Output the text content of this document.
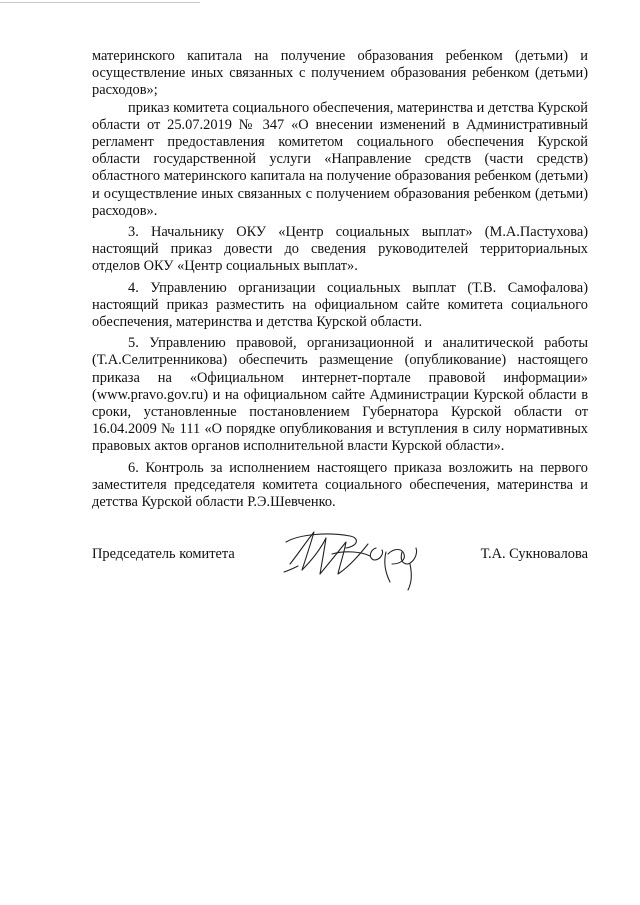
материнского капитала на получение образования ребенком (детьми) и осуществление иных связанных с получением образования ребенком (детьми) расходов»;

приказ комитета социального обеспечения, материнства и детства Курской области от 25.07.2019 № 347 «О внесении изменений в Административный регламент предоставления комитетом социального обеспечения Курской области государственной услуги «Направление средств (части средств) областного материнского капитала на получение образования ребенком (детьми) и осуществление иных связанных с получением образования ребенком (детьми) расходов».

3. Начальнику ОКУ «Центр социальных выплат» (М.А.Пастухова) настоящий приказ довести до сведения руководителей территориальных отделов ОКУ «Центр социальных выплат».

4. Управлению организации социальных выплат (Т.В. Самофалова) настоящий приказ разместить на официальном сайте комитета социального обеспечения, материнства и детства Курской области.

5. Управлению правовой, организационной и аналитической работы (Т.А.Селитренникова) обеспечить размещение (опубликование) настоящего приказа на «Официальном интернет-портале правовой информации» (www.pravo.gov.ru) и на официальном сайте Администрации Курской области в сроки, установленные постановлением Губернатора Курской области от 16.04.2009 № 111 «О порядке опубликования и вступления в силу нормативных правовых актов органов исполнительной власти Курской области».

6. Контроль за исполнением настоящего приказа возложить на первого заместителя председателя комитета социального обеспечения, материнства и детства Курской области Р.Э.Шевченко.

Председатель комитета	Т.А. Сукновалова
